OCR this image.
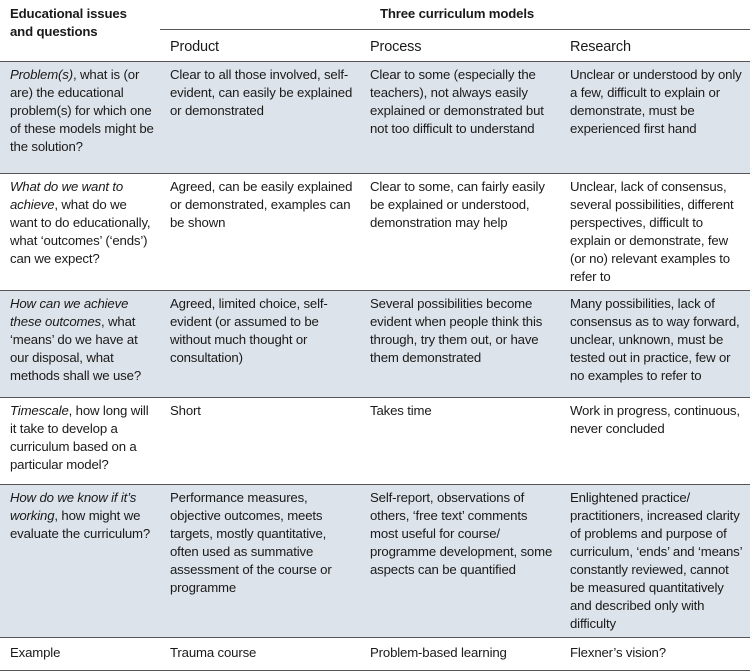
Educational issues
and questions	Three curriculum models		
	Product	Process	Research
Problem(s), what is (or are) the educational problem(s) for which one of these models might be the solution?	Clear to all those involved, self-evident, can easily be explained or demonstrated	Clear to some (especially the teachers), not always easily explained or demonstrated but not too difficult to understand	Unclear or understood by only a few, difficult to explain or demonstrate, must be experienced first hand
What do we want to achieve, what do we want to do educationally, what ‘outcomes’ (‘ends’) can we expect?	Agreed, can be easily explained or demonstrated, examples can be shown	Clear to some, can fairly easily be explained or understood, demonstration may help	Unclear, lack of consensus, several possibilities, different perspectives, difficult to explain or demonstrate, few (or no) relevant examples to refer to
How can we achieve these outcomes, what ‘means’ do we have at our disposal, what methods shall we use?	Agreed, limited choice, self-evident (or assumed to be without much thought or consultation)	Several possibilities become evident when people think this through, try them out, or have them demonstrated	Many possibilities, lack of consensus as to way forward, unclear, unknown, must be tested out in practice, few or no examples to refer to
Timescale, how long will it take to develop a curriculum based on a particular model?	Short	Takes time	Work in progress, continuous, never concluded
How do we know if it’s working, how might we evaluate the curriculum?	Performance measures, objective outcomes, meets targets, mostly quantitative, often used as summative assessment of the course or programme	Self-report, observations of others, ‘free text’ comments most useful for course/ programme development, some aspects can be quantified	Enlightened practice/ practitioners, increased clarity of problems and purpose of curriculum, ‘ends’ and ‘means’ constantly reviewed, cannot be measured quantitatively and described only with difficulty
Example	Trauma course	Problem-based learning	Flexner’s vision?
